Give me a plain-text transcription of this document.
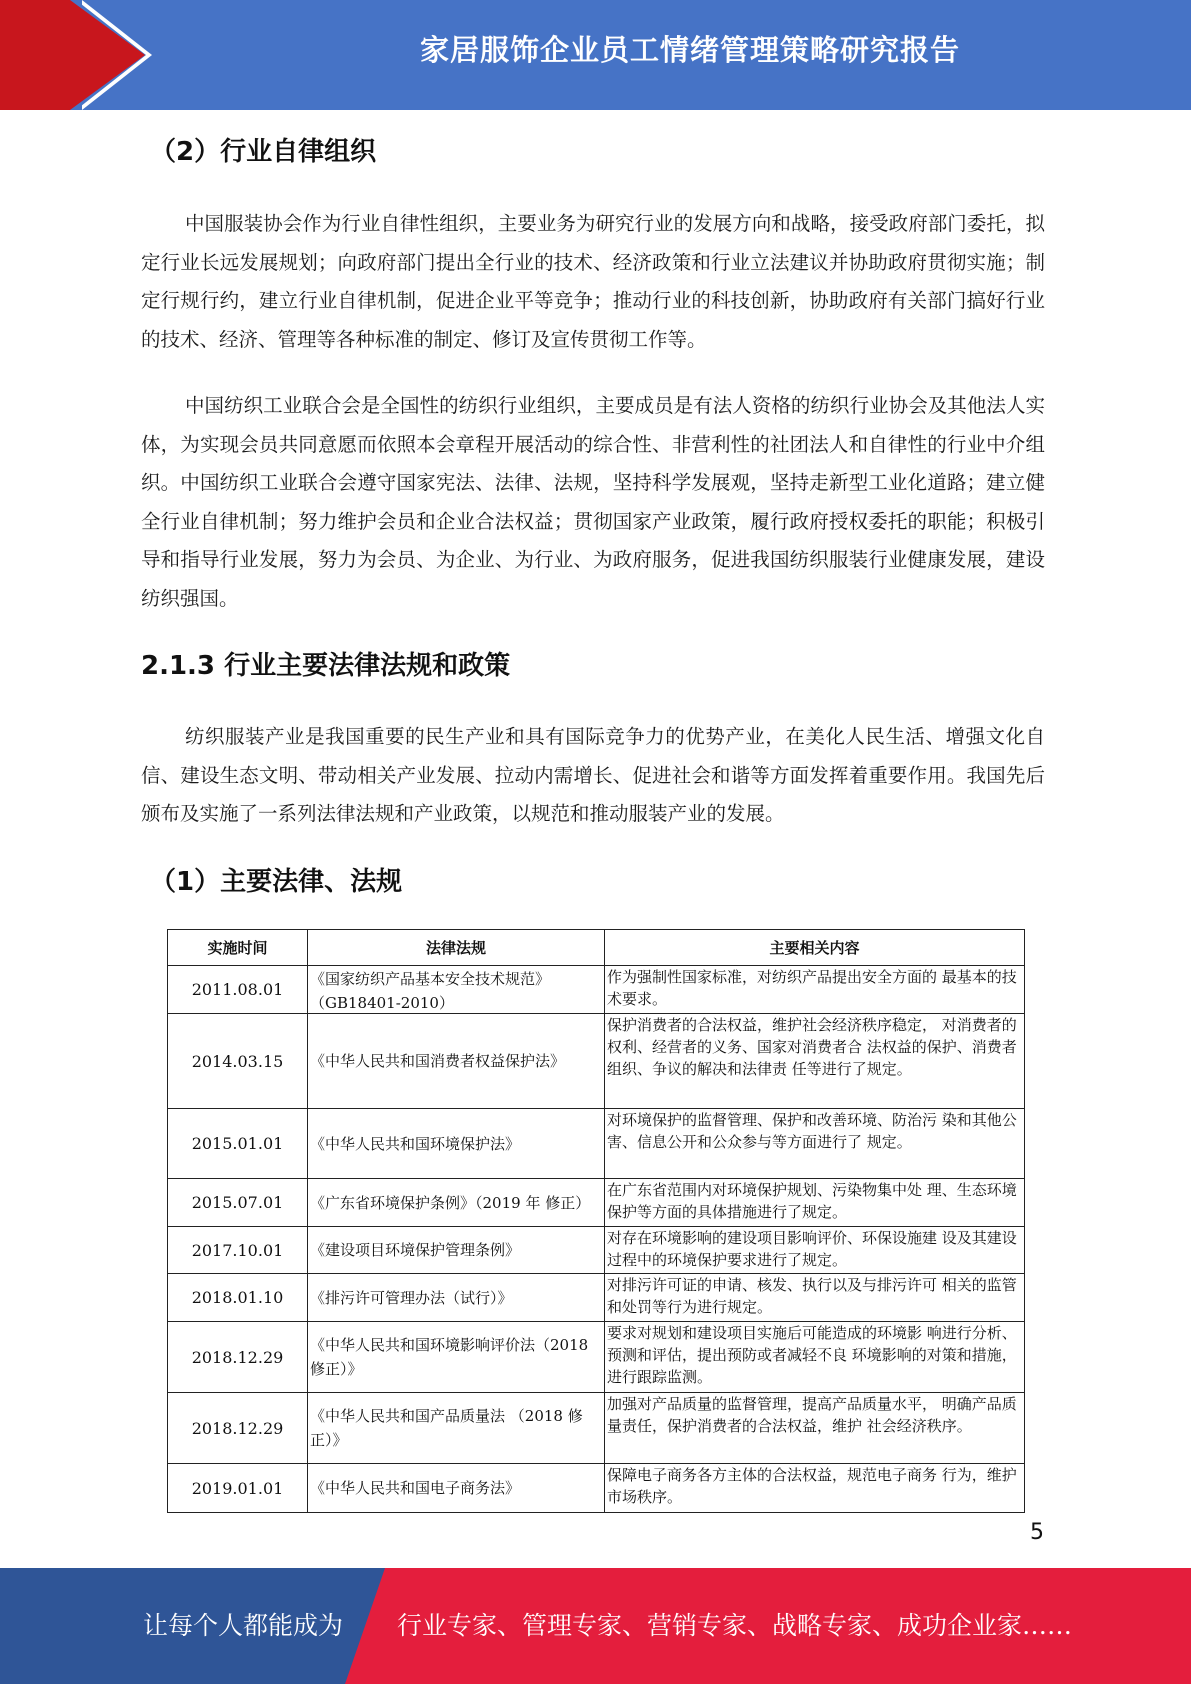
家居服饰企业员工情绪管理策略研究报告
（2）行业自律组织
中国服装协会作为行业自律性组织，主要业务为研究行业的发展方向和战略，接受政府部门委托，拟定行业长远发展规划；向政府部门提出全行业的技术、经济政策和行业立法建议并协助政府贯彻实施；制定行规行约，建立行业自律机制，促进企业平等竞争；推动行业的科技创新，协助政府有关部门搞好行业的技术、经济、管理等各种标准的制定、修订及宣传贯彻工作等。
中国纺织工业联合会是全国性的纺织行业组织，主要成员是有法人资格的纺织行业协会及其他法人实体，为实现会员共同意愿而依照本会章程开展活动的综合性、非营利性的社团法人和自律性的行业中介组织。中国纺织工业联合会遵守国家宪法、法律、法规，坚持科学发展观，坚持走新型工业化道路；建立健全行业自律机制；努力维护会员和企业合法权益；贯彻国家产业政策，履行政府授权委托的职能；积极引导和指导行业发展，努力为会员、为企业、为行业、为政府服务，促进我国纺织服装行业健康发展，建设纺织强国。
2.1.3 行业主要法律法规和政策
纺织服装产业是我国重要的民生产业和具有国际竞争力的优势产业，在美化人民生活、增强文化自信、建设生态文明、带动相关产业发展、拉动内需增长、促进社会和谐等方面发挥着重要作用。我国先后颁布及实施了一系列法律法规和产业政策，以规范和推动服装产业的发展。
（1）主要法律、法规
实施时间	法律法规	主要相关内容
2011.08.01	《国家纺织产品基本安全技术规范》（GB18401-2010）	作为强制性国家标准，对纺织产品提出安全方面的 最基本的技术要求。
2014.03.15	《中华人民共和国消费者权益保护法》	保护消费者的合法权益，维护社会经济秩序稳定， 对消费者的权利、经营者的义务、国家对消费者合 法权益的保护、消费者组织、争议的解决和法律责 任等进行了规定。
2015.01.01	《中华人民共和国环境保护法》	对环境保护的监督管理、保护和改善环境、防治污 染和其他公害、信息公开和公众参与等方面进行了 规定。
2015.07.01	《广东省环境保护条例》（2019 年 修正）	在广东省范围内对环境保护规划、污染物集中处 理、生态环境保护等方面的具体措施进行了规定。
2017.10.01	《建设项目环境保护管理条例》	对存在环境影响的建设项目影响评价、环保设施建 设及其建设过程中的环境保护要求进行了规定。
2018.01.10	《排污许可管理办法（试行）》	对排污许可证的申请、核发、执行以及与排污许可 相关的监管和处罚等行为进行规定。
2018.12.29	《中华人民共和国环境影响评价法（2018 修正）》	要求对规划和建设项目实施后可能造成的环境影 响进行分析、预测和评估，提出预防或者减轻不良 环境影响的对策和措施，进行跟踪监测。
2018.12.29	《中华人民共和国产品质量法 （2018 修正）》	加强对产品质量的监督管理，提高产品质量水平， 明确产品质量责任，保护消费者的合法权益，维护 社会经济秩序。
2019.01.01	《中华人民共和国电子商务法》	保障电子商务各方主体的合法权益，规范电子商务 行为，维护市场秩序。
5
让每个人都能成为 行业专家、管理专家、营销专家、战略专家、成功企业家……
